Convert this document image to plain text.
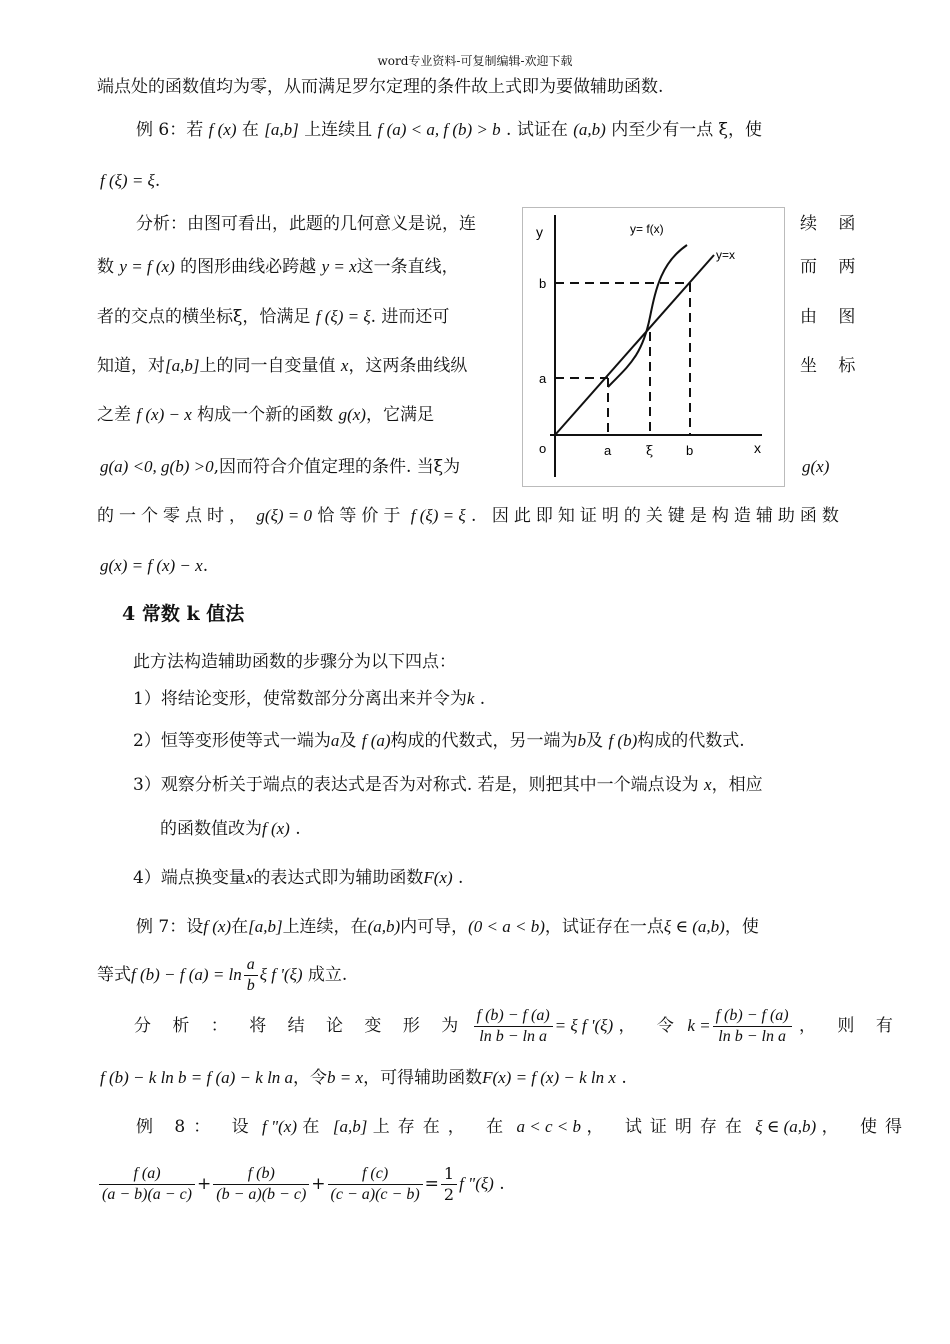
word专业资料-可复制编辑-欢迎下载
端点处的函数值均为零，从而满足罗尔定理的条件故上式即为要做辅助函数.
例 6：若 f (x) 在 [a,b] 上连续且 f (a) < a, f (b) > b . 试证在 (a,b) 内至少有一点 ξ，使
f (ξ) = ξ.
分析：由图可看出，此题的几何意义是说，连	续 函
数 y = f (x) 的图形曲线必跨越 y = x这一条直线，	而 两
者的交点的横坐标ξ，恰满足 f (ξ) = ξ. 进而还可	由 图
知道，对[a,b]上的同一自变量值 x，这两条曲线纵	坐 标
之差 f (x) − x 构成一个新的函数 g(x)，它满足
g(a) <0, g(b) >0,因而符合介值定理的条件. 当ξ为	g(x)
的一个零点时， g(ξ) = 0 恰等价于 f (ξ) = ξ . 因此即知证明的关键是构造辅助函数
g(x) = f (x) − x.
y
x
o
y= f(x)
y=x
a	ξ	b
a
b
4 常数 k 值法
此方法构造辅助函数的步骤分为以下四点：
1）将结论变形，使常数部分分离出来并令为k .
2）恒等变形使等式一端为a及 f (a)构成的代数式，另一端为b及 f (b)构成的代数式.
3）观察分析关于端点的表达式是否为对称式. 若是，则把其中一个端点设为 x，相应
的函数值改为f (x) .
4）端点换变量x的表达式即为辅助函数F(x) .
例 7：设f (x)在[a,b]上连续，在(a,b)内可导，(0 < a < b)，试证存在一点ξ ∈ (a,b)，使
等式f (b) − f $(a) = \ln \frac{a}{b}$ ξ f '(ξ) 成立.
分 析 ： 将 结 论 变 形 为 $\frac{f (b) - f (a)}{\text{ln b − ln a}} = \xi$ f '(ξ) ， 令 $k = \frac{f (b) - f (a)}{\text{ln b − ln a}}$ ， 则 有
f (b) − k ln b = f (a) − k ln a，令b = x，可得辅助函数F(x) = f (x) − k ln x .
例 8： 设 f "(x) 在 [a,b] 上存在， 在 a < c < b ， 试证明存在 ξ ∈ (a,b) ， 使得
$\frac{f (a)}{(a - b)(a - c)} + \frac{f (b)}{(b - a)(b - c)} + \frac{f (c)}{(c - a)(c - b)} = \frac{1}{2}$ f "(ξ) .
